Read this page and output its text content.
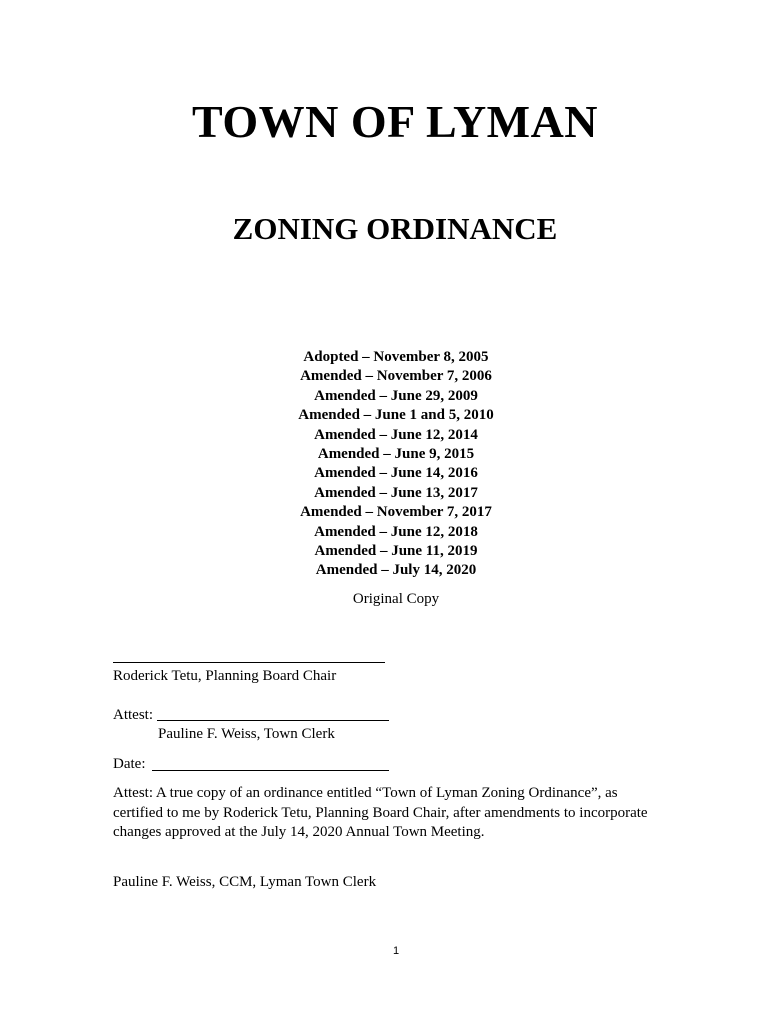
TOWN OF LYMAN
ZONING ORDINANCE
Adopted – November 8, 2005
Amended – November 7, 2006
Amended – June 29, 2009
Amended – June 1 and 5, 2010
Amended – June 12, 2014
Amended – June 9, 2015
Amended – June 14, 2016
Amended – June 13, 2017
Amended – November 7, 2017
Amended – June 12, 2018
Amended – June 11, 2019
Amended – July 14, 2020
Original Copy
Roderick Tetu, Planning Board Chair
Attest:
Pauline F. Weiss, Town Clerk
Date:
Attest: A true copy of an ordinance entitled “Town of Lyman Zoning Ordinance”, as
certified to me by Roderick Tetu, Planning Board Chair, after amendments to incorporate
changes approved at the July 14, 2020 Annual Town Meeting.
Pauline F. Weiss, CCM, Lyman Town Clerk
1
